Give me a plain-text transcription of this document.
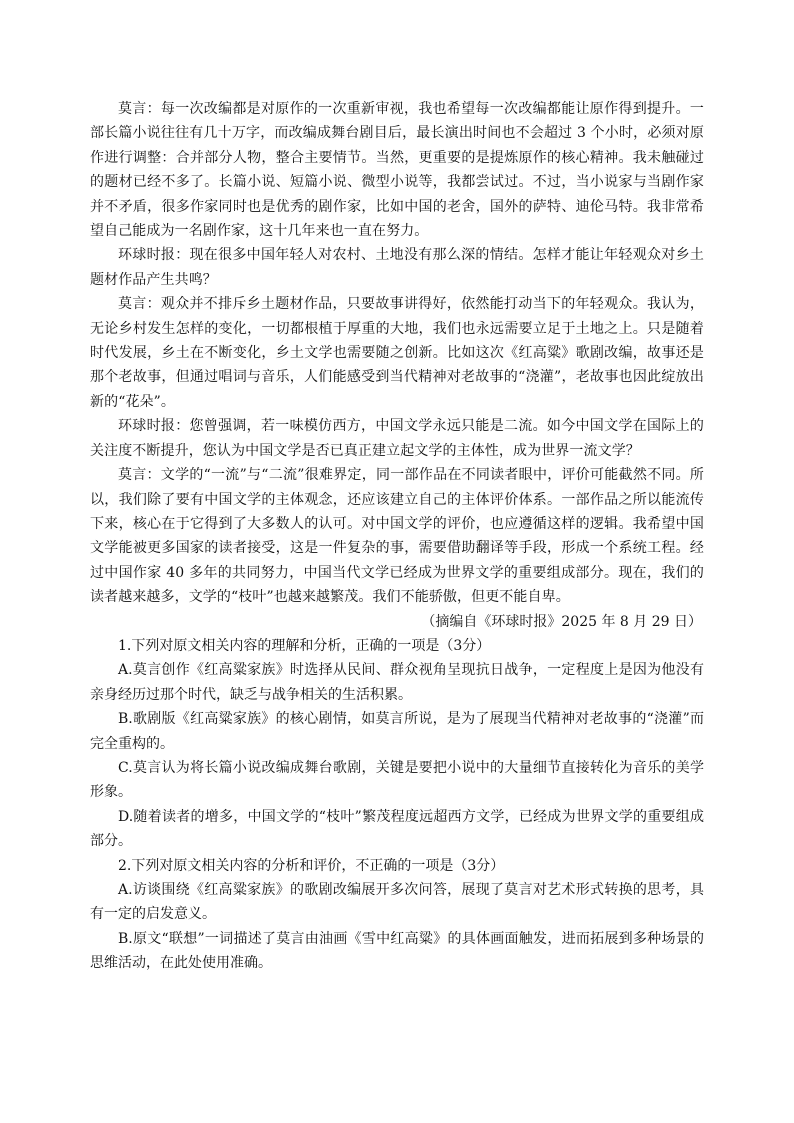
莫言：每一次改编都是对原作的一次重新审视，我也希望每一次改编都能让原作得到提升。一部长篇小说往往有几十万字，而改编成舞台剧目后，最长演出时间也不会超过 3 个小时，必须对原作进行调整：合并部分人物，整合主要情节。当然，更重要的是提炼原作的核心精神。我未触碰过的题材已经不多了。长篇小说、短篇小说、微型小说等，我都尝试过。不过，当小说家与当剧作家并不矛盾，很多作家同时也是优秀的剧作家，比如中国的老舍，国外的萨特、迪伦马特。我非常希望自己能成为一名剧作家，这十几年来也一直在努力。

环球时报：现在很多中国年轻人对农村、土地没有那么深的情结。怎样才能让年轻观众对乡土题材作品产生共鸣？

莫言：观众并不排斥乡土题材作品，只要故事讲得好，依然能打动当下的年轻观众。我认为，无论乡村发生怎样的变化，一切都根植于厚重的大地，我们也永远需要立足于土地之上。只是随着时代发展，乡土在不断变化，乡土文学也需要随之创新。比如这次《红高粱》歌剧改编，故事还是那个老故事，但通过唱词与音乐，人们能感受到当代精神对老故事的“浇灌”，老故事也因此绽放出新的“花朵”。

环球时报：您曾强调，若一味模仿西方，中国文学永远只能是二流。如今中国文学在国际上的关注度不断提升，您认为中国文学是否已真正建立起文学的主体性，成为世界一流文学？

莫言：文学的“一流”与“二流”很难界定，同一部作品在不同读者眼中，评价可能截然不同。所以，我们除了要有中国文学的主体观念，还应该建立自己的主体评价体系。一部作品之所以能流传下来，核心在于它得到了大多数人的认可。对中国文学的评价，也应遵循这样的逻辑。我希望中国文学能被更多国家的读者接受，这是一件复杂的事，需要借助翻译等手段，形成一个系统工程。经过中国作家 40 多年的共同努力，中国当代文学已经成为世界文学的重要组成部分。现在，我们的读者越来越多，文学的“枝叶”也越来越繁茂。我们不能骄傲，但更不能自卑。

（摘编自《环球时报》2025 年 8 月 29 日）

1.下列对原文相关内容的理解和分析，正确的一项是（3分）

A.莫言创作《红高粱家族》时选择从民间、群众视角呈现抗日战争，一定程度上是因为他没有亲身经历过那个时代，缺乏与战争相关的生活积累。

B.歌剧版《红高粱家族》的核心剧情，如莫言所说，是为了展现当代精神对老故事的“浇灌”而完全重构的。

C.莫言认为将长篇小说改编成舞台歌剧，关键是要把小说中的大量细节直接转化为音乐的美学形象。

D.随着读者的增多，中国文学的“枝叶”繁茂程度远超西方文学，已经成为世界文学的重要组成部分。

2.下列对原文相关内容的分析和评价，不正确的一项是（3分）

A.访谈围绕《红高粱家族》的歌剧改编展开多次问答，展现了莫言对艺术形式转换的思考，具有一定的启发意义。

B.原文“联想”一词描述了莫言由油画《雪中红高粱》的具体画面触发，进而拓展到多种场景的思维活动，在此处使用准确。
